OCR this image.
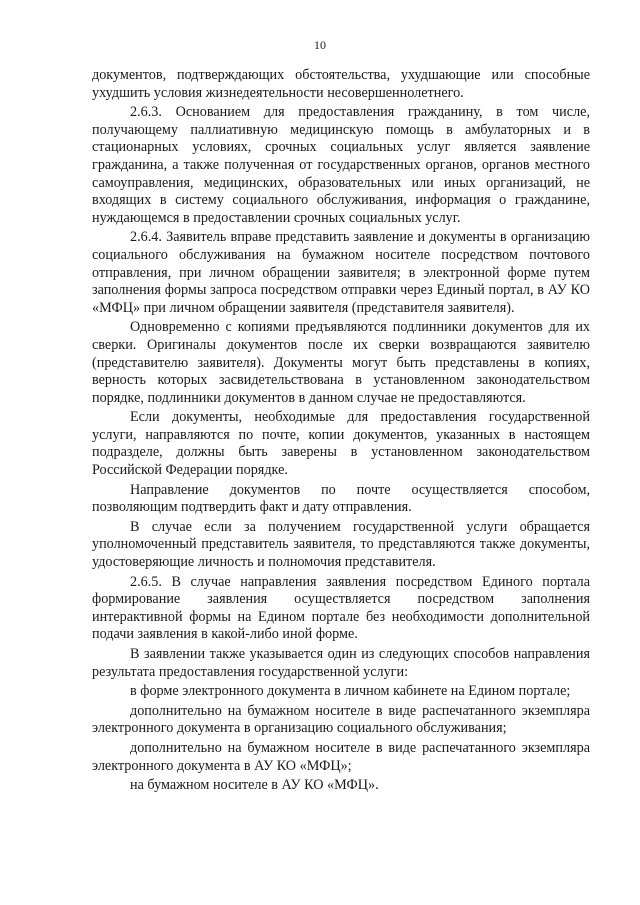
10

документов, подтверждающих обстоятельства, ухудшающие или способные ухудшить условия жизнедеятельности несовершеннолетнего.

2.6.3. Основанием для предоставления гражданину, в том числе, получающему паллиативную медицинскую помощь в амбулаторных и в стационарных условиях, срочных социальных услуг является заявление гражданина, а также полученная от государственных органов, органов местного самоуправления, медицинских, образовательных или иных организаций, не входящих в систему социального обслуживания, информация о гражданине, нуждающемся в предоставлении срочных социальных услуг.

2.6.4. Заявитель вправе представить заявление и документы в организацию социального обслуживания на бумажном носителе посредством почтового отправления, при личном обращении заявителя; в электронной форме путем заполнения формы запроса посредством отправки через Единый портал, в АУ КО «МФЦ» при личном обращении заявителя (представителя заявителя).

Одновременно с копиями предъявляются подлинники документов для их сверки. Оригиналы документов после их сверки возвращаются заявителю (представителю заявителя). Документы могут быть представлены в копиях, верность которых засвидетельствована в установленном законодательством порядке, подлинники документов в данном случае не предоставляются.

Если документы, необходимые для предоставления государственной услуги, направляются по почте, копии документов, указанных в настоящем подразделе, должны быть заверены в установленном законодательством Российской Федерации порядке.

Направление документов по почте осуществляется способом, позволяющим подтвердить факт и дату отправления.

В случае если за получением государственной услуги обращается уполномоченный представитель заявителя, то представляются также документы, удостоверяющие личность и полномочия представителя.

2.6.5. В случае направления заявления посредством Единого портала формирование заявления осуществляется посредством заполнения интерактивной формы на Едином портале без необходимости дополнительной подачи заявления в какой-либо иной форме.

В заявлении также указывается один из следующих способов направления результата предоставления государственной услуги:

в форме электронного документа в личном кабинете на Едином портале;

дополнительно на бумажном носителе в виде распечатанного экземпляра электронного документа в организацию социального обслуживания;

дополнительно на бумажном носителе в виде распечатанного экземпляра электронного документа в АУ КО «МФЦ»;

на бумажном носителе в АУ КО «МФЦ».
